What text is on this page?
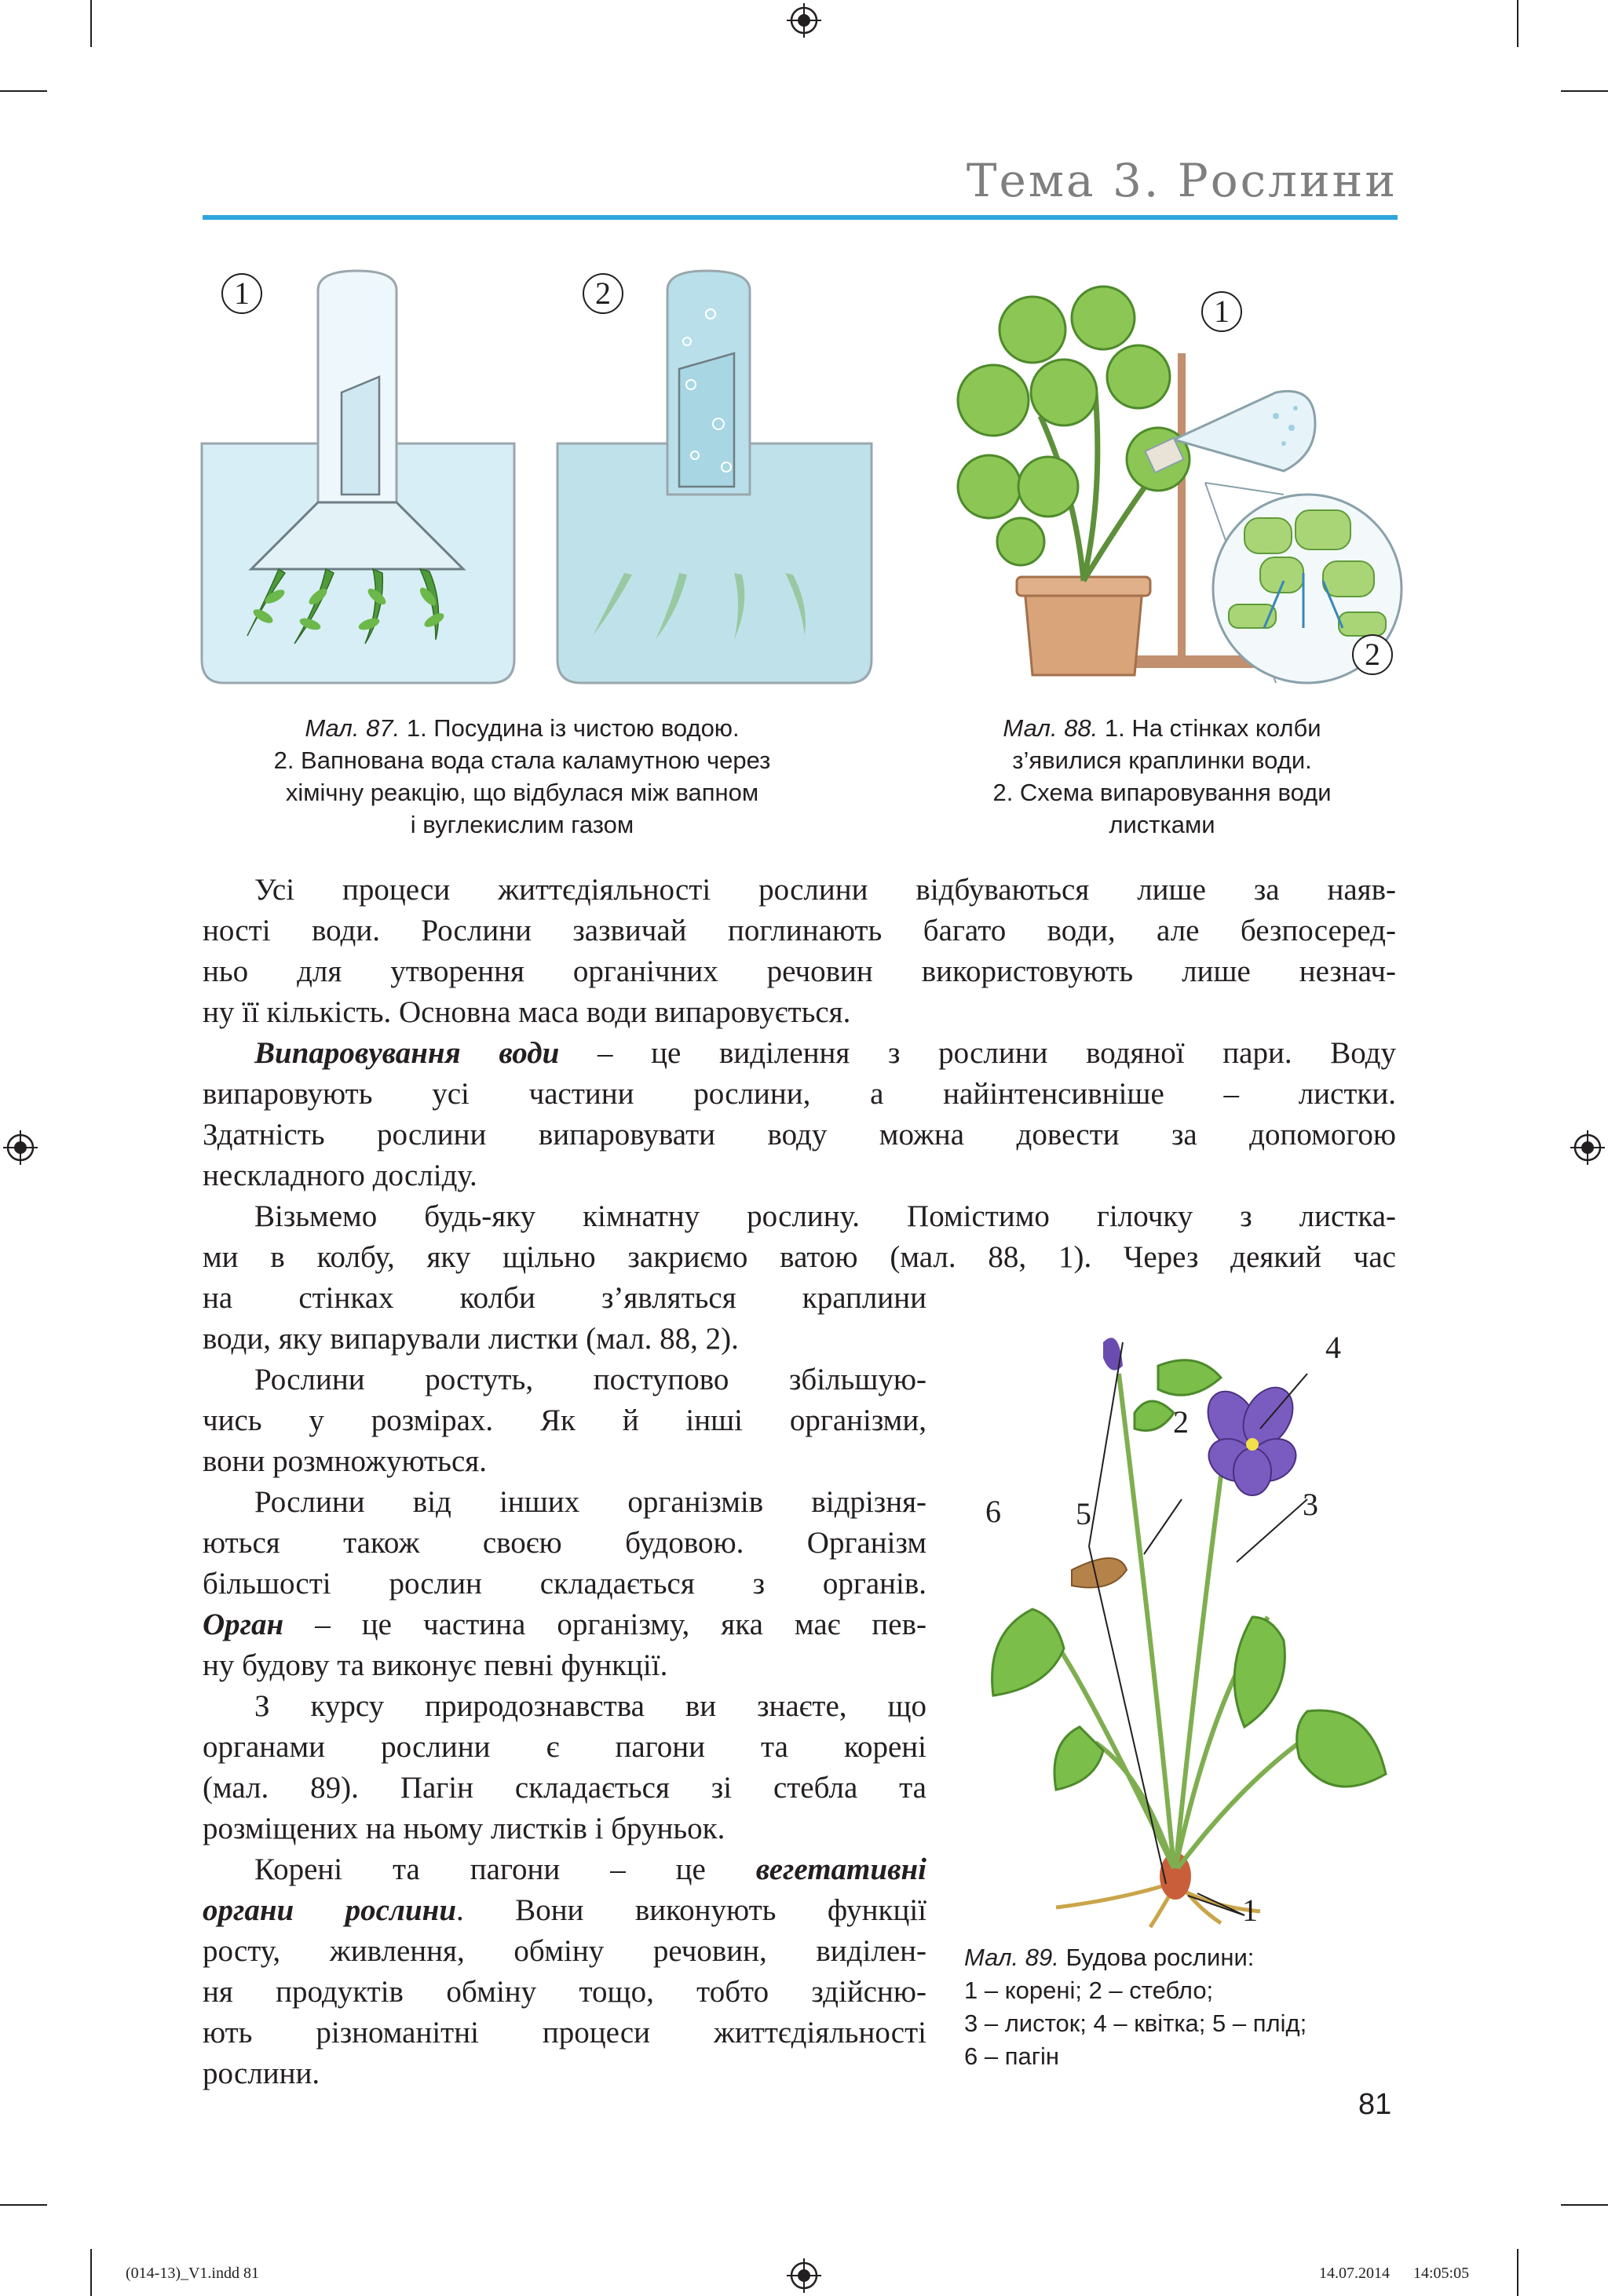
Тема 3. Рослини
1	2
1
2
Мал. 87. 1. Посудина із чистою водою.
2. Вапнована вода стала каламутною через
хімічну реакцію, що відбулася між вапном
і вуглекислим газом
Мал. 88. 1. На стінках колби
з’явилися краплинки води.
2. Схема випаровування води
листками
Усі процеси життєдіяльності рослини відбуваються лише за наяв-
ності води. Рослини зазвичай поглинають багато води, але безпосеред-
ньо для утворення органічних речовин використовують лише незнач-
ну її кількість. Основна маса води випаровується.
Випаровування води – це виділення з рослини водяної пари. Воду
випаровують усі частини рослини, а найінтенсивніше – листки.
Здатність рослини випаровувати воду можна довести за допомогою
нескладного досліду.
Візьмемо будь-яку кімнатну рослину. Помістимо гілочку з листка-
ми в колбу, яку щільно закриємо ватою (мал. 88, 1). Через деякий час
на стінках колби з’являться краплини
води, яку випарували листки (мал. 88, 2).
Рослини ростуть, поступово збільшую-
чись у розмірах. Як й інші організми,
вони розмножуються.
Рослини від інших організмів відрізня-
ються також своєю будовою. Організм
більшості рослин складається з органів.
Орган – це частина організму, яка має пев-
ну будову та виконує певні функції.
З курсу природознавства ви знаєте, що
органами рослини є пагони та корені
(мал. 89). Пагін складається зі стебла та
розміщених на ньому листків і бруньок.
Корені та пагони – це вегетативні
органи рослини. Вони виконують функції
росту, живлення, обміну речовин, виділен-
ня продуктів обміну тощо, тобто здійсню-
ють різноманітні процеси життєдіяльності
рослини.
4
2
3
6 5
1
Мал. 89. Будова рослини:
1 – корені; 2 – стебло;
3 – листок; 4 – квітка; 5 – плід;
6 – пагін
81
(014-13)_V1.indd 81	14.07.2014 14:05:05
